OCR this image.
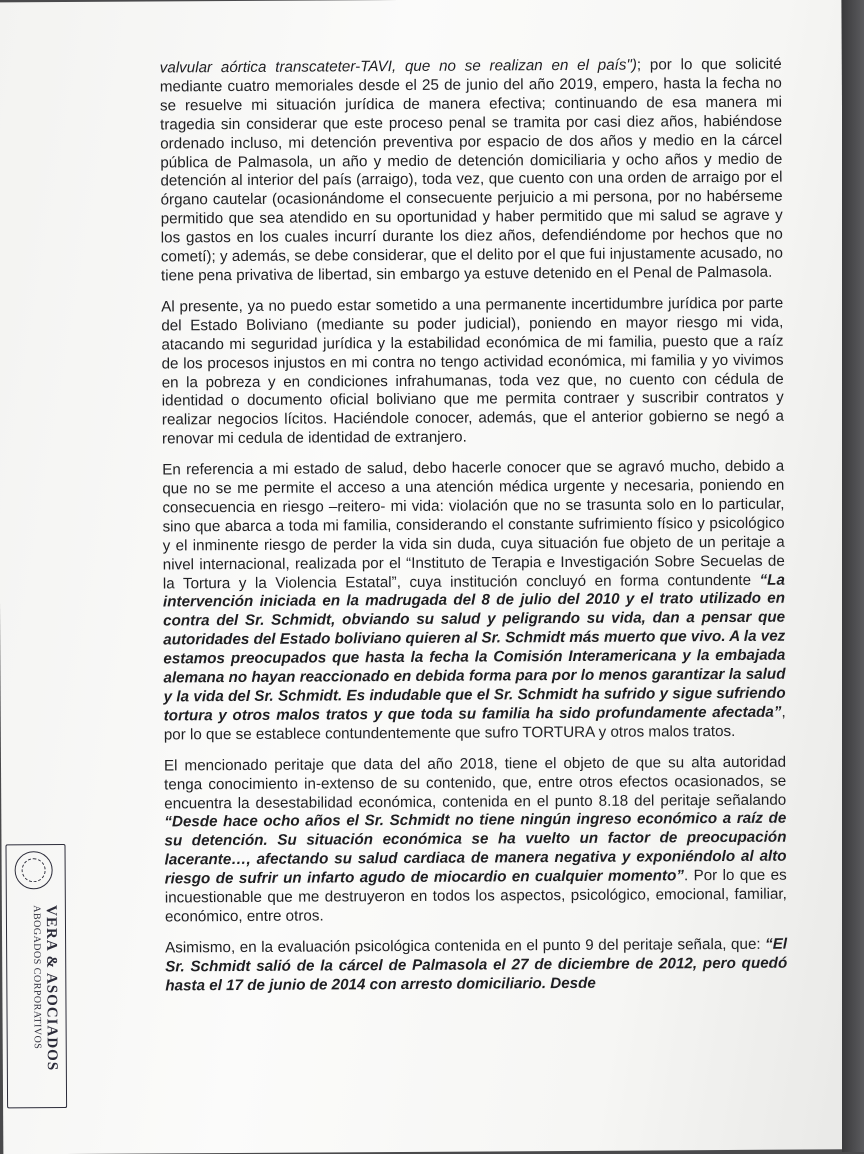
valvular aórtica transcateter-TAVI, que no se realizan en el país"); por lo que solicité mediante cuatro memoriales desde el 25 de junio del año 2019, empero, hasta la fecha no se resuelve mi situación jurídica de manera efectiva; continuando de esa manera mi tragedia sin considerar que este proceso penal se tramita por casi diez años, habiéndose ordenado incluso, mi detención preventiva por espacio de dos años y medio en la cárcel pública de Palmasola, un año y medio de detención domiciliaria y ocho años y medio de detención al interior del país (arraigo), toda vez, que cuento con una orden de arraigo por el órgano cautelar (ocasionándome el consecuente perjuicio a mi persona, por no habérseme permitido que sea atendido en su oportunidad y haber permitido que mi salud se agrave y los gastos en los cuales incurrí durante los diez años, defendiéndome por hechos que no cometí); y además, se debe considerar, que el delito por el que fui injustamente acusado, no tiene pena privativa de libertad, sin embargo ya estuve detenido en el Penal de Palmasola.

Al presente, ya no puedo estar sometido a una permanente incertidumbre jurídica por parte del Estado Boliviano (mediante su poder judicial), poniendo en mayor riesgo mi vida, atacando mi seguridad jurídica y la estabilidad económica de mi familia, puesto que a raíz de los procesos injustos en mi contra no tengo actividad económica, mi familia y yo vivimos en la pobreza y en condiciones infrahumanas, toda vez que, no cuento con cédula de identidad o documento oficial boliviano que me permita contraer y suscribir contratos y realizar negocios lícitos. Haciéndole conocer, además, que el anterior gobierno se negó a renovar mi cedula de identidad de extranjero.

En referencia a mi estado de salud, debo hacerle conocer que se agravó mucho, debido a que no se me permite el acceso a una atención médica urgente y necesaria, poniendo en consecuencia en riesgo –reitero- mi vida: violación que no se trasunta solo en lo particular, sino que abarca a toda mi familia, considerando el constante sufrimiento físico y psicológico y el inminente riesgo de perder la vida sin duda, cuya situación fue objeto de un peritaje a nivel internacional, realizada por el “Instituto de Terapia e Investigación Sobre Secuelas de la Tortura y la Violencia Estatal”, cuya institución concluyó en forma contundente “La intervención iniciada en la madrugada del 8 de julio del 2010 y el trato utilizado en contra del Sr. Schmidt, obviando su salud y peligrando su vida, dan a pensar que autoridades del Estado boliviano quieren al Sr. Schmidt más muerto que vivo. A la vez estamos preocupados que hasta la fecha la Comisión Interamericana y la embajada alemana no hayan reaccionado en debida forma para por lo menos garantizar la salud y la vida del Sr. Schmidt. Es indudable que el Sr. Schmidt ha sufrido y sigue sufriendo tortura y otros malos tratos y que toda su familia ha sido profundamente afectada”, por lo que se establece contundentemente que sufro TORTURA y otros malos tratos.

El mencionado peritaje que data del año 2018, tiene el objeto de que su alta autoridad tenga conocimiento in-extenso de su contenido, que, entre otros efectos ocasionados, se encuentra la desestabilidad económica, contenida en el punto 8.18 del peritaje señalando “Desde hace ocho años el Sr. Schmidt no tiene ningún ingreso económico a raíz de su detención. Su situación económica se ha vuelto un factor de preocupación lacerante…, afectando su salud cardiaca de manera negativa y exponiéndolo al alto riesgo de sufrir un infarto agudo de miocardio en cualquier momento”. Por lo que es incuestionable que me destruyeron en todos los aspectos, psicológico, emocional, familiar, económico, entre otros.

Asimismo, en la evaluación psicológica contenida en el punto 9 del peritaje señala, que: “El Sr. Schmidt salió de la cárcel de Palmasola el 27 de diciembre de 2012, pero quedó hasta el 17 de junio de 2014 con arresto domiciliario. Desde

VERA & ASOCIADOS
ABOGADOS CORPORATIVOS
